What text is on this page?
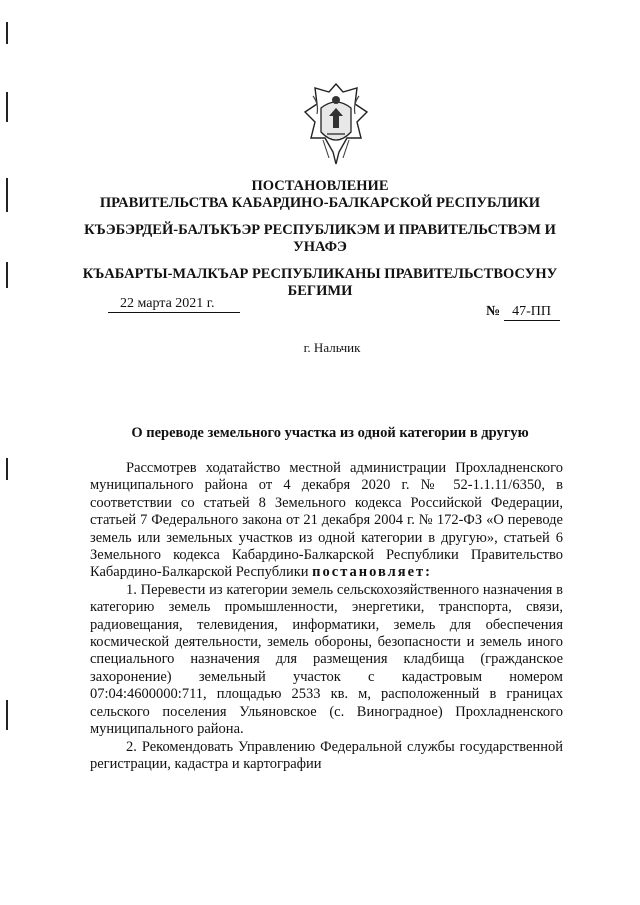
ПОСТАНОВЛЕНИЕ
ПРАВИТЕЛЬСТВА КАБАРДИНО-БАЛКАРСКОЙ РЕСПУБЛИКИ
КЪЭБЭРДЕЙ-БАЛЪКЪЭР РЕСПУБЛИКЭМ И ПРАВИТЕЛЬСТВЭМ И
УНАФЭ
КЪАБАРТЫ-МАЛКЪАР РЕСПУБЛИКАНЫ ПРАВИТЕЛЬСТВОСУНУ
БЕГИМИ
22 марта 2021 г.
№ 47-ПП
г. Нальчик
О переводе земельного участка из одной категории в другую

Рассмотрев ходатайство местной администрации Прохладненского муниципального района от 4 декабря 2020 г. № 52-1.1.11/6350, в соответствии со статьей 8 Земельного кодекса Российской Федерации, статьей 7 Федерального закона от 21 декабря 2004 г. № 172-ФЗ «О переводе земель или земельных участков из одной категории в другую», статьей 6 Земельного кодекса Кабардино-Балкарской Республики Правительство Кабардино-Балкарской Республики постановляет:

1. Перевести из категории земель сельскохозяйственного назначения в категорию земель промышленности, энергетики, транспорта, связи, радиовещания, телевидения, информатики, земель для обеспечения космической деятельности, земель обороны, безопасности и земель иного специального назначения для размещения кладбища (гражданское захоронение) земельный участок с кадастровым номером 07:04:4600000:711, площадью 2533 кв. м, расположенный в границах сельского поселения Ульяновское (с. Виноградное) Прохладненского муниципального района.

2. Рекомендовать Управлению Федеральной службы государственной регистрации, кадастра и картографии
